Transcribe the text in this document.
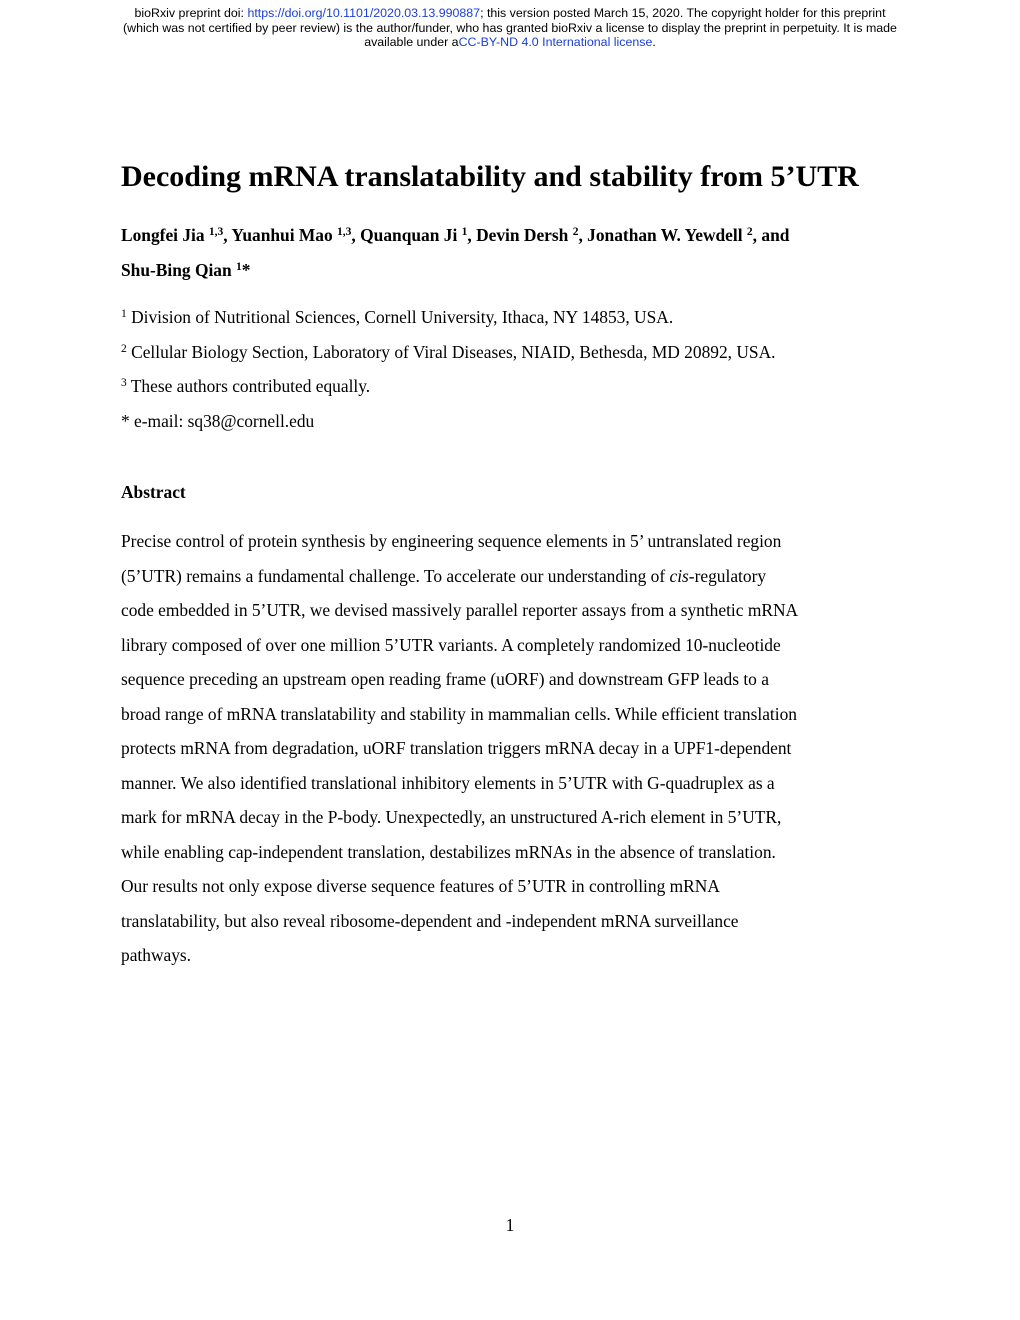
bioRxiv preprint doi: https://doi.org/10.1101/2020.03.13.990887; this version posted March 15, 2020. The copyright holder for this preprint
(which was not certified by peer review) is the author/funder, who has granted bioRxiv a license to display the preprint in perpetuity. It is made
available under aCC-BY-ND 4.0 International license.
Decoding mRNA translatability and stability from 5’UTR
Longfei Jia $^{1,3}$, Yuanhui Mao $^{1,3}$, Quanquan Ji $^1$, Devin Dersh $^2$, Jonathan W. Yewdell $^2$, and
Shu-Bing Qian $^1$*
$^1$ Division of Nutritional Sciences, Cornell University, Ithaca, NY 14853, USA.
$^2$ Cellular Biology Section, Laboratory of Viral Diseases, NIAID, Bethesda, MD 20892, USA.
$^3$ These authors contributed equally.
* e-mail: sq38@cornell.edu
Abstract
Precise control of protein synthesis by engineering sequence elements in 5’ untranslated region
(5’UTR) remains a fundamental challenge. To accelerate our understanding of cis-regulatory
code embedded in 5’UTR, we devised massively parallel reporter assays from a synthetic mRNA
library composed of over one million 5’UTR variants. A completely randomized 10-nucleotide
sequence preceding an upstream open reading frame (uORF) and downstream GFP leads to a
broad range of mRNA translatability and stability in mammalian cells. While efficient translation
protects mRNA from degradation, uORF translation triggers mRNA decay in a UPF1-dependent
manner. We also identified translational inhibitory elements in 5’UTR with G-quadruplex as a
mark for mRNA decay in the P-body. Unexpectedly, an unstructured A-rich element in 5’UTR,
while enabling cap-independent translation, destabilizes mRNAs in the absence of translation.
Our results not only expose diverse sequence features of 5’UTR in controlling mRNA
translatability, but also reveal ribosome-dependent and -independent mRNA surveillance
pathways.
1
